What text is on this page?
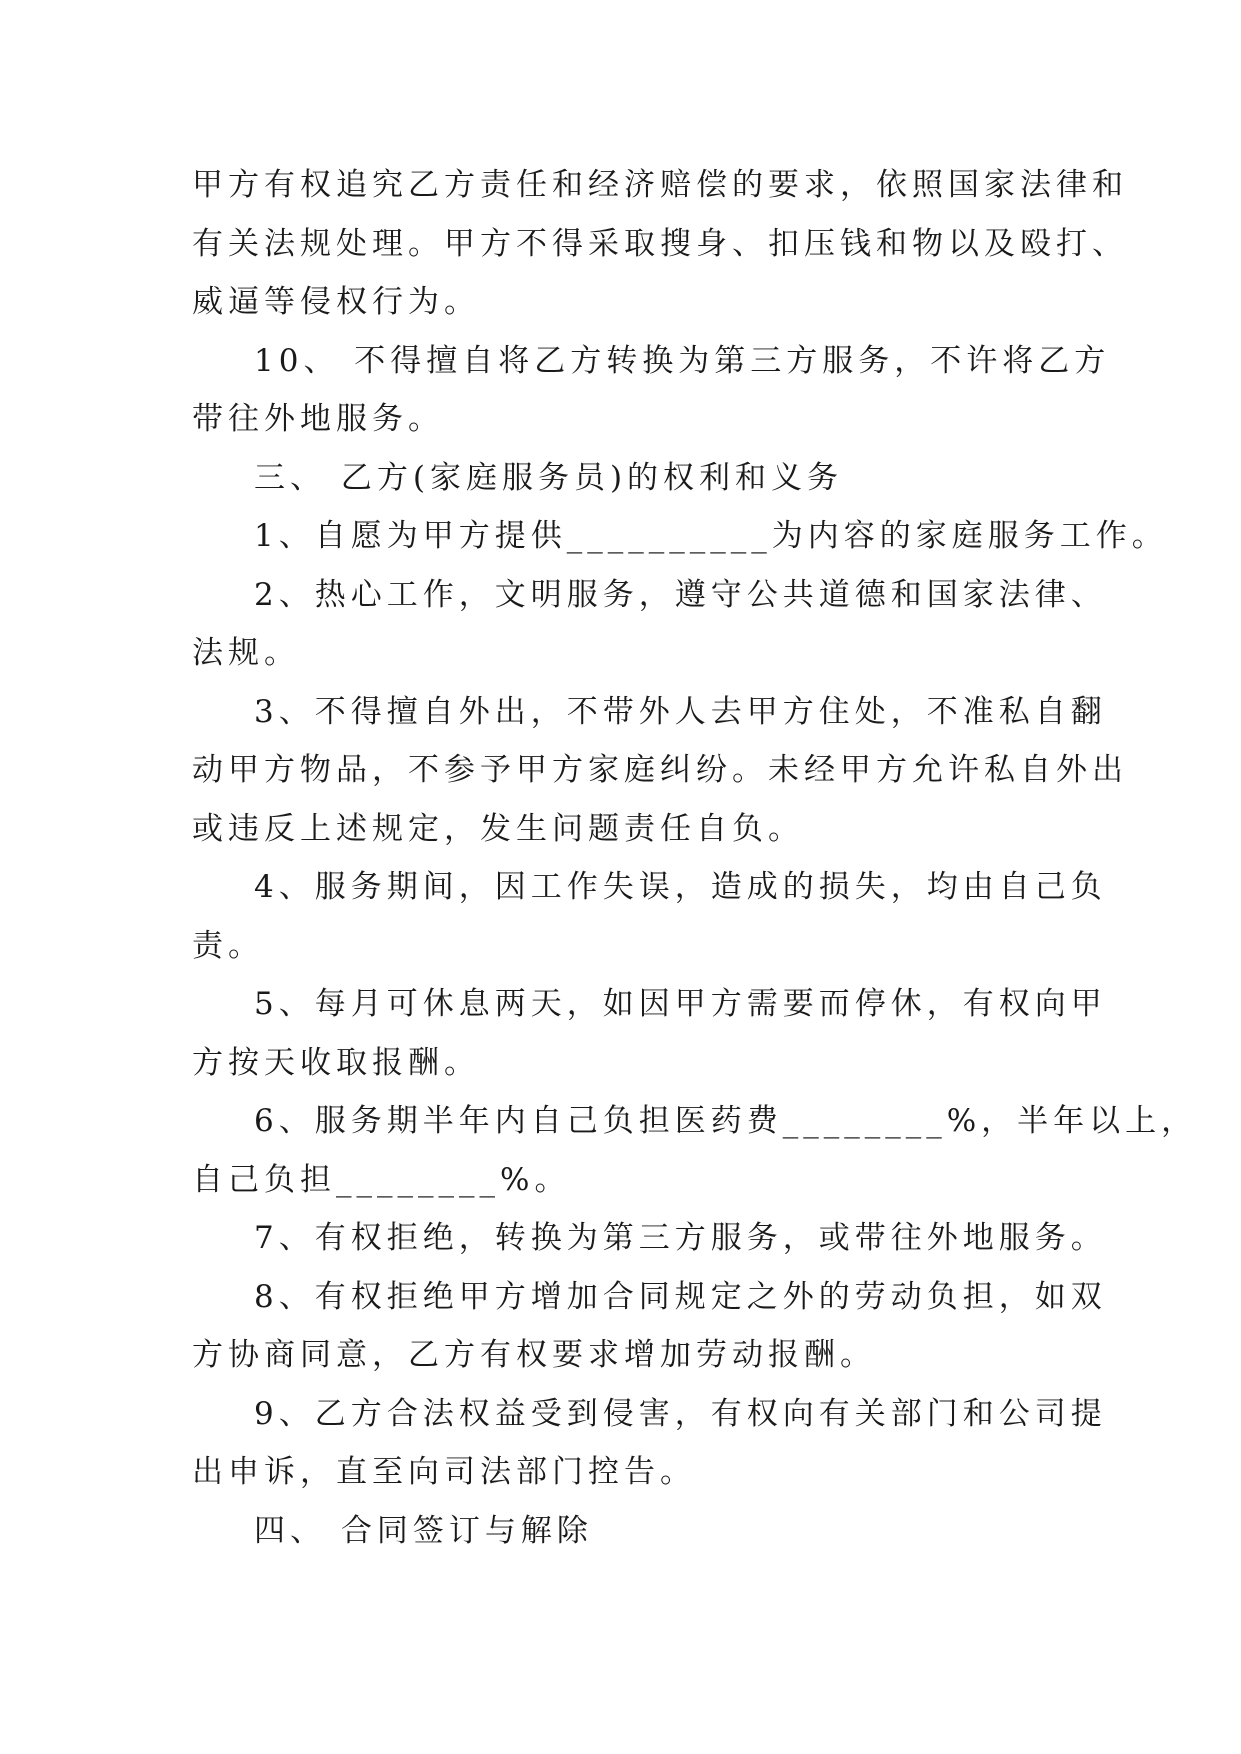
甲方有权追究乙方责任和经济赔偿的要求，依照国家法律和
有关法规处理。甲方不得采取搜身、扣压钱和物以及殴打、
威逼等侵权行为。
10、 不得擅自将乙方转换为第三方服务，不许将乙方
带往外地服务。
三、 乙方(家庭服务员)的权利和义务
1、自愿为甲方提供__________为内容的家庭服务工作。
2、热心工作，文明服务，遵守公共道德和国家法律、
法规。
3、不得擅自外出，不带外人去甲方住处，不准私自翻
动甲方物品，不参予甲方家庭纠纷。未经甲方允许私自外出
或违反上述规定，发生问题责任自负。
4、服务期间，因工作失误，造成的损失，均由自己负
责。
5、每月可休息两天，如因甲方需要而停休，有权向甲
方按天收取报酬。
6、服务期半年内自己负担医药费________%，半年以上，
自己负担________%。
7、有权拒绝，转换为第三方服务，或带往外地服务。
8、有权拒绝甲方增加合同规定之外的劳动负担，如双
方协商同意，乙方有权要求增加劳动报酬。
9、乙方合法权益受到侵害，有权向有关部门和公司提
出申诉，直至向司法部门控告。
四、 合同签订与解除
